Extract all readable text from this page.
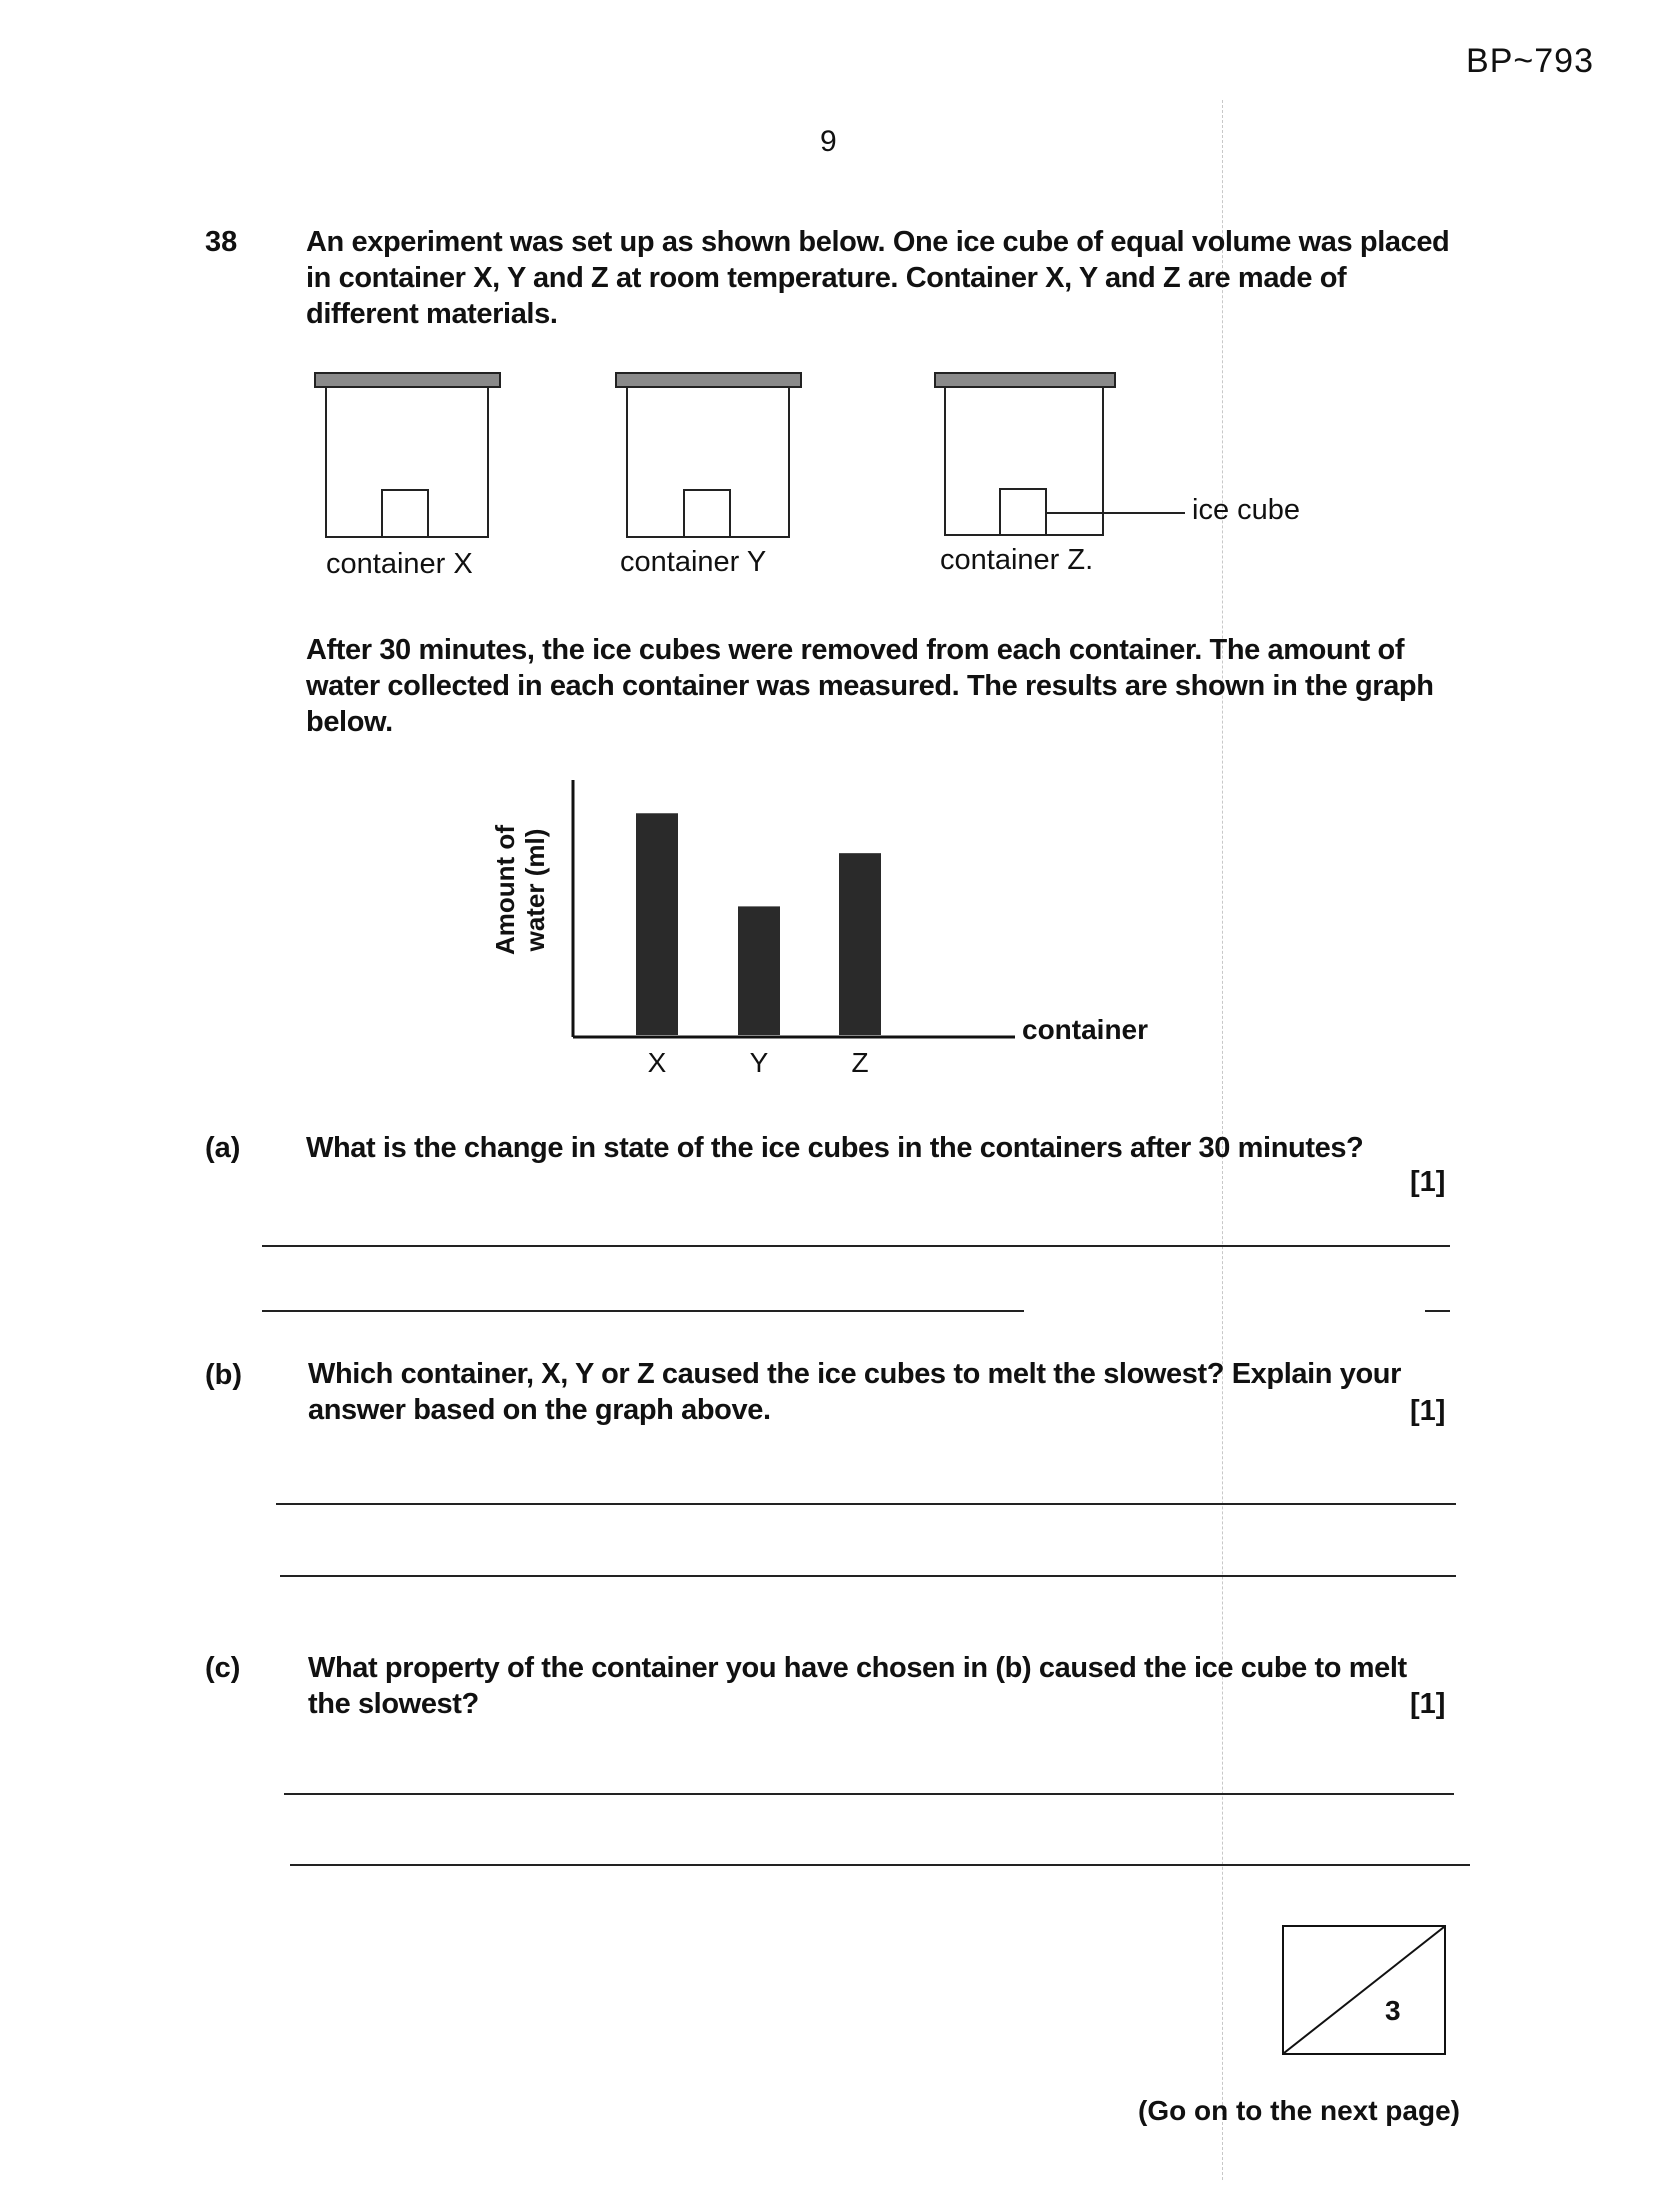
BP~793
9
38 An experiment was set up as shown below. One ice cube of equal volume was placed in container X, Y and Z at room temperature. Container X, Y and Z are made of different materials.
container X	container Y	container Z.
ice cube
After 30 minutes, the ice cubes were removed from each container. The amount of water collected in each container was measured. The results are shown in the graph below.
Amount of water (ml)
X	Y	Z
container
(a) What is the change in state of the ice cubes in the containers after 30 minutes?
[1]
(b) Which container, X, Y or Z caused the ice cubes to melt the slowest? Explain your answer based on the graph above.	[1]
(c) What property of the container you have chosen in (b) caused the ice cube to melt the slowest?	[1]
3
(Go on to the next page)
